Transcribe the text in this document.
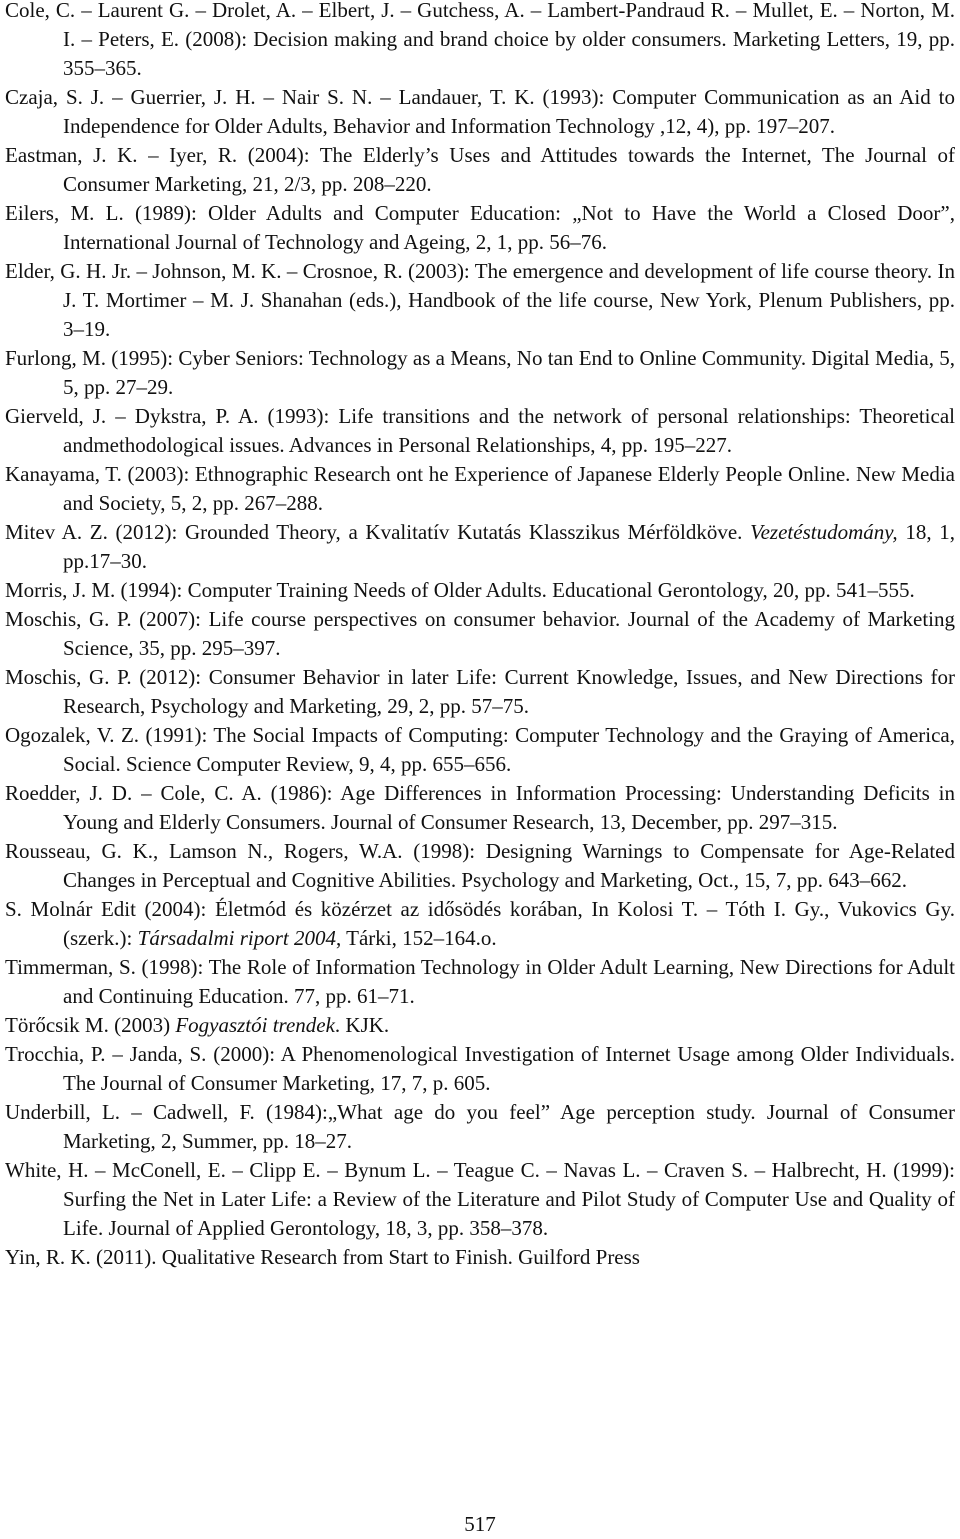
Cole, C. – Laurent G. – Drolet, A. – Elbert, J. – Gutchess, A. – Lambert-Pandraud R. – Mullet, E. – Norton, M. I. – Peters, E. (2008): Decision making and brand choice by older consumers. Marketing Letters, 19, pp. 355–365.
Czaja, S. J. – Guerrier, J. H. – Nair S. N. – Landauer, T. K. (1993): Computer Communication as an Aid to Independence for Older Adults, Behavior and Information Technology ,12, 4), pp. 197–207.
Eastman, J. K. – Iyer, R. (2004): The Elderly’s Uses and Attitudes towards the Internet, The Journal of Consumer Marketing, 21, 2/3, pp. 208–220.
Eilers, M. L. (1989): Older Adults and Computer Education: „Not to Have the World a Closed Door”, International Journal of Technology and Ageing, 2, 1, pp. 56–76.
Elder, G. H. Jr. – Johnson, M. K. – Crosnoe, R. (2003): The emergence and development of life course theory. In J. T. Mortimer – M. J. Shanahan (eds.), Handbook of the life course, New York, Plenum Publishers, pp. 3–19.
Furlong, M. (1995): Cyber Seniors: Technology as a Means, No tan End to Online Community. Digital Media, 5, 5, pp. 27–29.
Gierveld, J. – Dykstra, P. A. (1993): Life transitions and the network of personal relationships: Theoretical andmethodological issues. Advances in Personal Relationships, 4, pp. 195–227.
Kanayama, T. (2003): Ethnographic Research ont he Experience of Japanese Elderly People Online. New Media and Society, 5, 2, pp. 267–288.
Mitev A. Z. (2012): Grounded Theory, a Kvalitatív Kutatás Klasszikus Mérföldköve. Vezetéstudomány, 18, 1, pp.17–30.
Morris, J. M. (1994): Computer Training Needs of Older Adults. Educational Gerontology, 20, pp. 541–555.
Moschis, G. P. (2007): Life course perspectives on consumer behavior. Journal of the Academy of Marketing Science, 35, pp. 295–397.
Moschis, G. P. (2012): Consumer Behavior in later Life: Current Knowledge, Issues, and New Directions for Research, Psychology and Marketing, 29, 2, pp. 57–75.
Ogozalek, V. Z. (1991): The Social Impacts of Computing: Computer Technology and the Graying of America, Social. Science Computer Review, 9, 4, pp. 655–656.
Roedder, J. D. – Cole, C. A. (1986): Age Differences in Information Processing: Understanding Deficits in Young and Elderly Consumers. Journal of Consumer Research, 13, December, pp. 297–315.
Rousseau, G. K., Lamson N., Rogers, W.A. (1998): Designing Warnings to Compensate for Age-Related Changes in Perceptual and Cognitive Abilities. Psychology and Marketing, Oct., 15, 7, pp. 643–662.
S. Molnár Edit (2004): Életmód és közérzet az idősödés korában, In Kolosi T. – Tóth I. Gy., Vukovics Gy. (szerk.): Társadalmi riport 2004, Tárki, 152–164.o.
Timmerman, S. (1998): The Role of Information Technology in Older Adult Learning, New Directions for Adult and Continuing Education. 77, pp. 61–71.
Törőcsik M. (2003) Fogyasztói trendek. KJK.
Trocchia, P. – Janda, S. (2000): A Phenomenological Investigation of Internet Usage among Older Individuals. The Journal of Consumer Marketing, 17, 7, p. 605.
Underbill, L. – Cadwell, F. (1984):„What age do you feel” Age perception study. Journal of Consumer Marketing, 2, Summer, pp. 18–27.
White, H. – McConell, E. – Clipp E. – Bynum L. – Teague C. – Navas L. – Craven S. – Halbrecht, H. (1999): Surfing the Net in Later Life: a Review of the Literature and Pilot Study of Computer Use and Quality of Life. Journal of Applied Gerontology, 18, 3, pp. 358–378.
Yin, R. K. (2011). Qualitative Research from Start to Finish. Guilford Press
517
